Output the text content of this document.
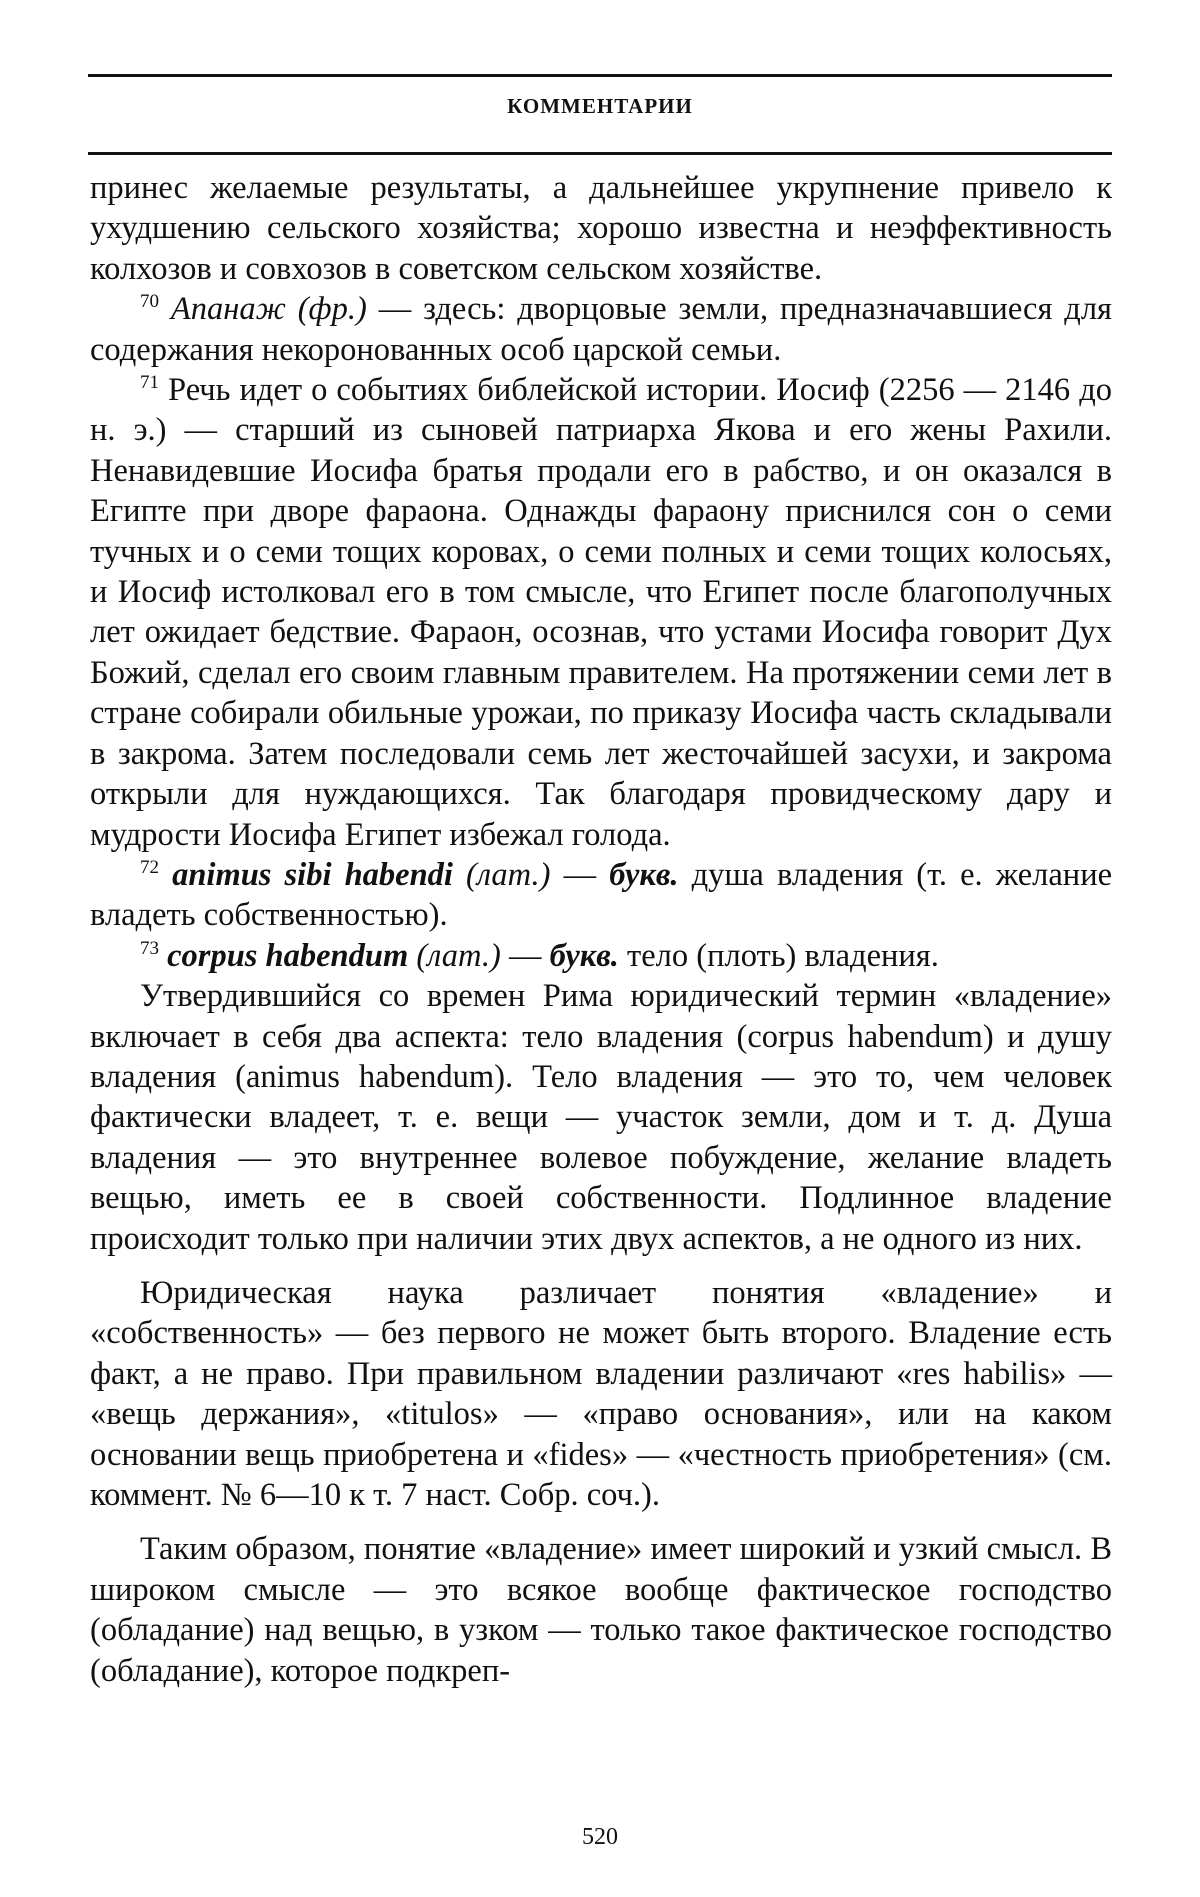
КОММЕНТАРИИ

принес желаемые результаты, а дальнейшее укрупнение привело к ухудшению сельского хозяйства; хорошо известна и неэффективность колхозов и совхозов в советском сельском хозяйстве.

$^{70}$ Апанаж (фр.) — здесь: дворцовые земли, предназначавшиеся для содержания некоронованных особ царской семьи.

$^{71}$ Речь идет о событиях библейской истории. Иосиф (2256 — 2146 до н. э.) — старший из сыновей патриарха Якова и его жены Рахили. Ненавидевшие Иосифа братья продали его в рабство, и он оказался в Египте при дворе фараона. Однажды фараону приснился сон о семи тучных и о семи тощих коровах, о семи полных и семи тощих колосьях, и Иосиф истолковал его в том смысле, что Египет после благополучных лет ожидает бедствие. Фараон, осознав, что устами Иосифа говорит Дух Божий, сделал его своим главным правителем. На протяжении семи лет в стране собирали обильные урожаи, по приказу Иосифа часть складывали в закрома. Затем последовали семь лет жесточайшей засухи, и закрома открыли для нуждающихся. Так благодаря провидческому дару и мудрости Иосифа Египет избежал голода.

$^{72}$ animus sibi habendi (лат.) — букв. душа владения (т. е. желание владеть собственностью).

$^{73}$ corpus habendum (лат.) — букв. тело (плоть) владения.

Утвердившийся со времен Рима юридический термин «владение» включает в себя два аспекта: тело владения (corpus habendum) и душу владения (animus habendum). Тело владения — это то, чем человек фактически владеет, т. е. вещи — участок земли, дом и т. д. Душа владения — это внутреннее волевое побуждение, желание владеть вещью, иметь ее в своей собственности. Подлинное владение происходит только при наличии этих двух аспектов, а не одного из них.

Юридическая наука различает понятия «владение» и «собственность» — без первого не может быть второго. Владение есть факт, а не право. При правильном владении различают «res habilis» — «вещь держания», «titulos» — «право основания», или на каком основании вещь приобретена и «fides» — «честность приобретения» (см. коммент. № 6—10 к т. 7 наст. Собр. соч.).

Таким образом, понятие «владение» имеет широкий и узкий смысл. В широком смысле — это всякое вообще фактическое господство (обладание) над вещью, в узком — только такое фактическое господство (обладание), которое подкреп-

520
